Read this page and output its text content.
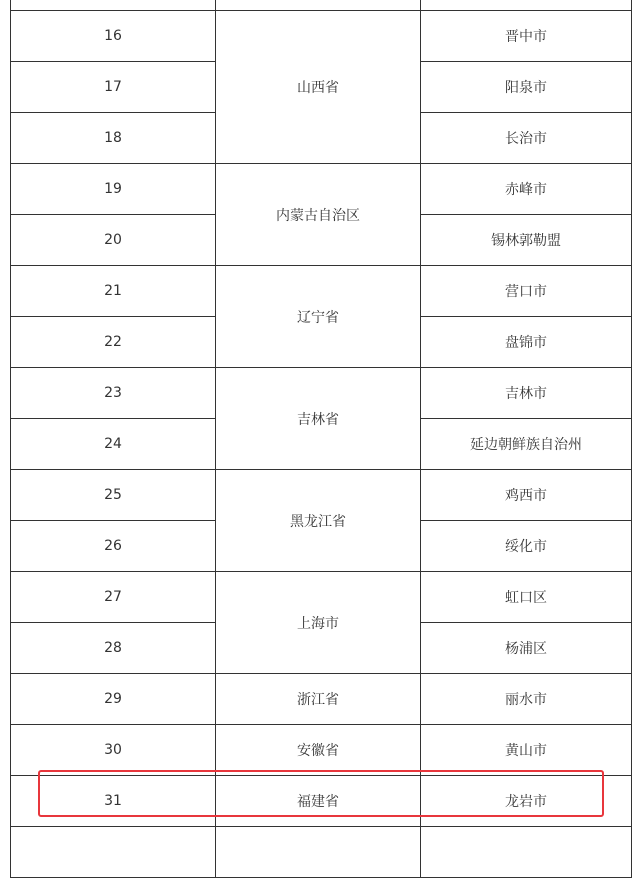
16	山西省	晋中市
17		阳泉市
18		长治市
19	内蒙古自治区	赤峰市
20		锡林郭勒盟
21	辽宁省	营口市
22		盘锦市
23	吉林省	吉林市
24		延边朝鲜族自治州
25	黑龙江省	鸡西市
26		绥化市
27	上海市	虹口区
28		杨浦区
29	浙江省	丽水市
30	安徽省	黄山市
31	福建省	龙岩市
